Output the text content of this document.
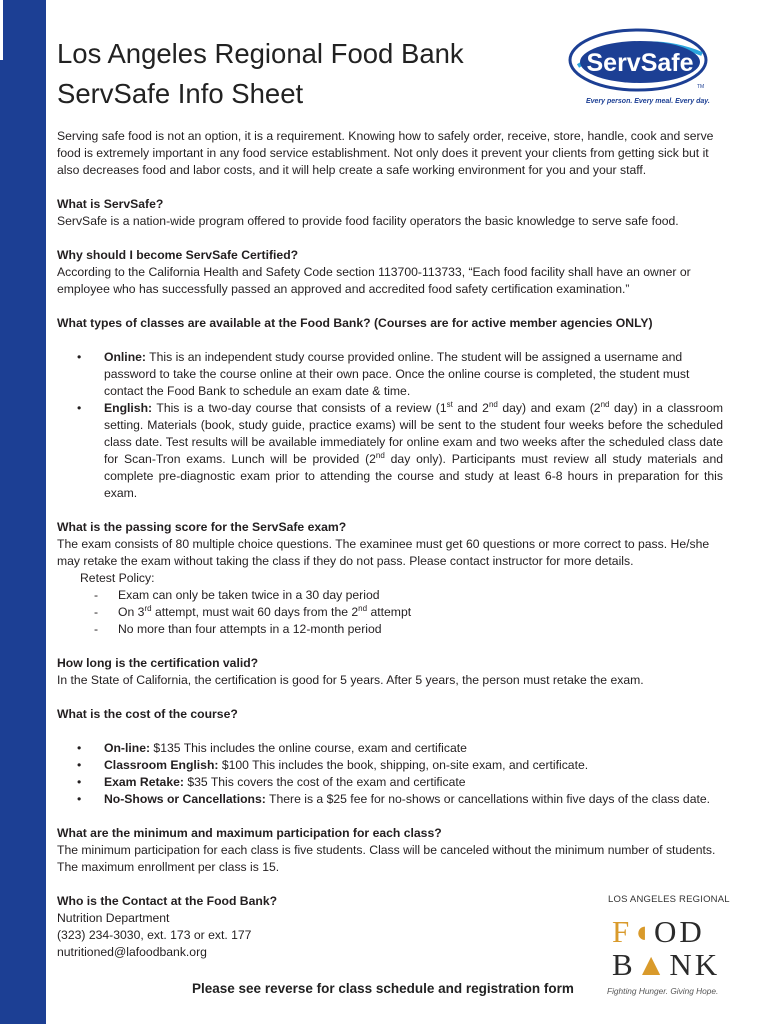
Los Angeles Regional Food Bank
ServSafe Info Sheet
ServSafe
TM
Every person. Every meal. Every day.

Serving safe food is not an option, it is a requirement. Knowing how to safely order, receive, store, handle, cook and serve food is extremely important in any food service establishment. Not only does it prevent your clients from getting sick but it also decreases food and labor costs, and it will help create a safe working environment for you and your staff.

What is ServSafe?

ServSafe is a nation-wide program offered to provide food facility operators the basic knowledge to serve safe food.

Why should I become ServSafe Certified?

According to the California Health and Safety Code section 113700-113733, “Each food facility shall have an owner or employee who has successfully passed an approved and accredited food safety certification examination.”

What types of classes are available at the Food Bank? (Courses are for active member agencies ONLY)

• Online: This is an independent study course provided online. The student will be assigned a username and password to take the course online at their own pace. Once the online course is completed, the student must contact the Food Bank to schedule an exam date & time.
• English: This is a two-day course that consists of a review (1st and 2nd day) and exam (2nd day) in a classroom setting. Materials (book, study guide, practice exams) will be sent to the student four weeks before the scheduled class date. Test results will be available immediately for online exam and two weeks after the scheduled class date for Scan-Tron exams. Lunch will be provided (2nd day only). Participants must review all study materials and complete pre-diagnostic exam prior to attending the course and study at least 6-8 hours in preparation for this exam.

What is the passing score for the ServSafe exam?

The exam consists of 80 multiple choice questions. The examinee must get 60 questions or more correct to pass. He/she may retake the exam without taking the class if they do not pass. Please contact instructor for more details.

Retest Policy:

- Exam can only be taken twice in a 30 day period

- On 3rd attempt, must wait 60 days from the 2nd attempt

- No more than four attempts in a 12-month period

How long is the certification valid?

In the State of California, the certification is good for 5 years. After 5 years, the person must retake the exam.

What is the cost of the course?

• On-line: $135 This includes the online course, exam and certificate
• Classroom English: $100 This includes the book, shipping, on-site exam, and certificate.
• Exam Retake: $35 This covers the cost of the exam and certificate
• No-Shows or Cancellations: There is a $25 fee for no-shows or cancellations within five days of the class date.

What are the minimum and maximum participation for each class?

The minimum participation for each class is five students. Class will be canceled without the minimum number of students. The maximum enrollment per class is 15.

Who is the Contact at the Food Bank?

Nutrition Department

(323) 234-3030, ext. 173 or ext. 177

nutritioned@lafoodbank.org

LOS ANGELES REGIONAL
F◖OD
B▲NK
Fighting Hunger. Giving Hope.
Please see reverse for class schedule and registration form
